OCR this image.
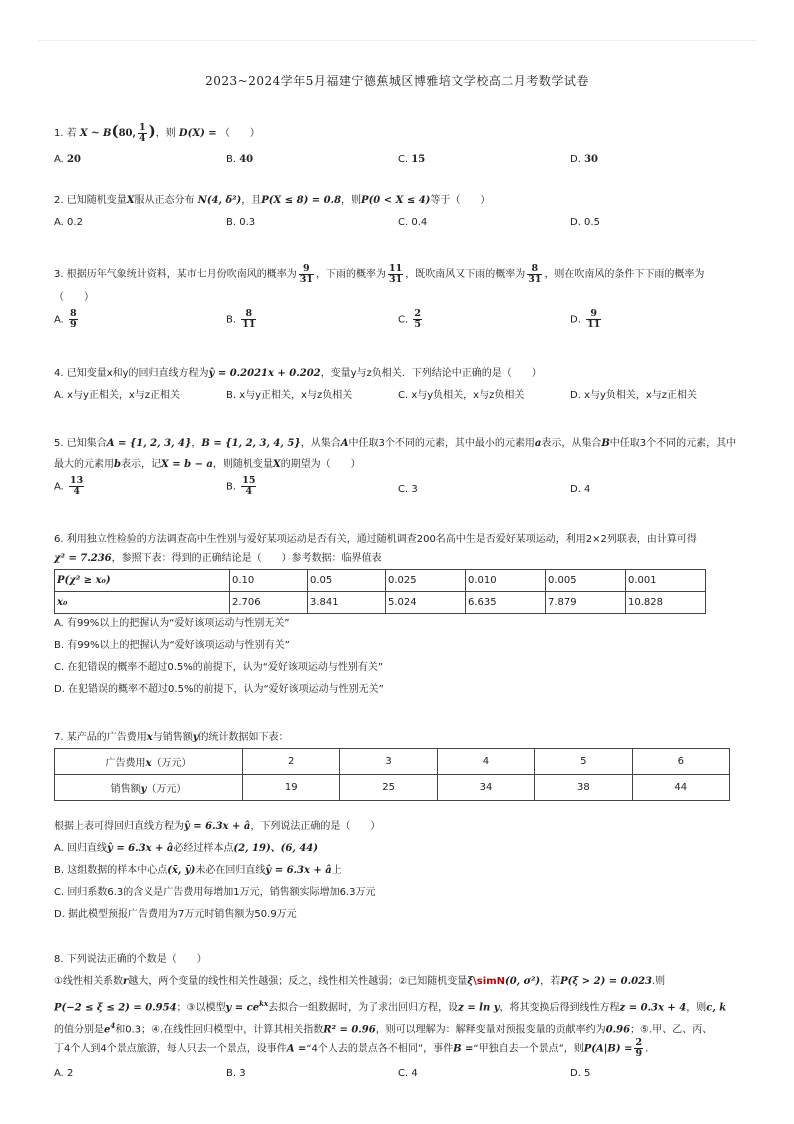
2023~2024学年5月福建宁德蕉城区博雅培文学校高二月考数学试卷
1. 若 X ~ B(80, $\frac{1}{4}$ )，则 D(X) = （　　）
A. 20	B. 40	C. 15	D. 30
2. 已知随机变量X服从正态分布 N(4, δ²)，且P(X ≤ 8) = 0.8，则P(0 < X ≤ 4)等于（　　）
A. 0.2	B. 0.3	C. 0.4	D. 0.5
3. 根据历年气象统计资料，某市七月份吹南风的概率为 $\frac{9}{31}$ ，下雨的概率为 $\frac{11}{31}$ ，既吹南风又下雨的概率为 $\frac{8}{31}$ ，则在吹南风的条件下下雨的概率为
（　　）
A. $\frac{8}{9}$	B. $\frac{8}{11}$	C. $\frac{2}{5}$	D. $\frac{9}{11}$
4. 已知变量x和y的回归直线方程为ŷ = 0.2021x + 0.202，变量y与z负相关．下列结论中正确的是（　　）
A. x与y正相关，x与z正相关	B. x与y正相关，x与z负相关	C. x与y负相关，x与z负相关	D. x与y负相关，x与z正相关
5. 已知集合A = {1, 2, 3, 4}，B = {1, 2, 3, 4, 5}，从集合A中任取3个不同的元素，其中最小的元素用a表示，从集合B中任取3个不同的元素，其中
最大的元素用b表示，记X = b − a，则随机变量X的期望为（　　）
A. $\frac{13}{4}$	B. $\frac{15}{4}$	C. 3	D. 4
6. 利用独立性检验的方法调查高中生性别与爱好某项运动是否有关，通过随机调查200名高中生是否爱好某项运动，利用2×2列联表，由计算可得
χ² = 7.236，参照下表：得到的正确结论是（　　）参考数据：临界值表
P(χ² ≥ x₀)	0.10	0.05	0.025	0.010	0.005	0.001
x₀	2.706	3.841	5.024	6.635	7.879	10.828
A. 有99%以上的把握认为“爱好该项运动与性别无关”
B. 有99%以上的把握认为“爱好该项运动与性别有关”
C. 在犯错误的概率不超过0.5%的前提下，认为“爱好该项运动与性别有关”
D. 在犯错误的概率不超过0.5%的前提下，认为“爱好该项运动与性别无关”
7. 某产品的广告费用x与销售额y的统计数据如下表：
广告费用x（万元）	2	3	4	5	6
销售额y（万元）	19	25	34	38	44
根据上表可得回归直线方程为ŷ = 6.3x + â，下列说法正确的是（　　）
A. 回归直线ŷ = 6.3x + â必经过样本点(2, 19)、(6, 44)
B. 这组数据的样本中心点(x̄, ȳ)未必在回归直线ŷ = 6.3x + â上
C. 回归系数6.3的含义是广告费用每增加1万元，销售额实际增加6.3万元
D. 据此模型预报广告费用为7万元时销售额为50.9万元
8. 下列说法正确的个数是（　　）
①线性相关系数r越大，两个变量的线性相关性越强；反之，线性相关性越弱；②已知随机变量ξ\simN(0, σ²)，若P(ξ > 2) = 0.023.则
P(−2 ≤ ξ ≤ 2) = 0.954；③以模型$y = ce^{kx}$去拟合一组数据时，为了求出回归方程，设z = ln y，将其变换后得到线性方程z = 0.3x + 4，则c, k
的值分别是$e^4$和0.3；④.在线性回归模型中，计算其相关指数R² = 0.96，则可以理解为：解释变量对预报变量的贡献率约为0.96；⑤.甲、乙、丙、
丁4个人到4个景点旅游，每人只去一个景点，设事件A =“4个人去的景点各不相同”，事件B =“甲独自去一个景点”，则$P(A|B) = \frac{2}{9}$ .
A. 2	B. 3	C. 4	D. 5
